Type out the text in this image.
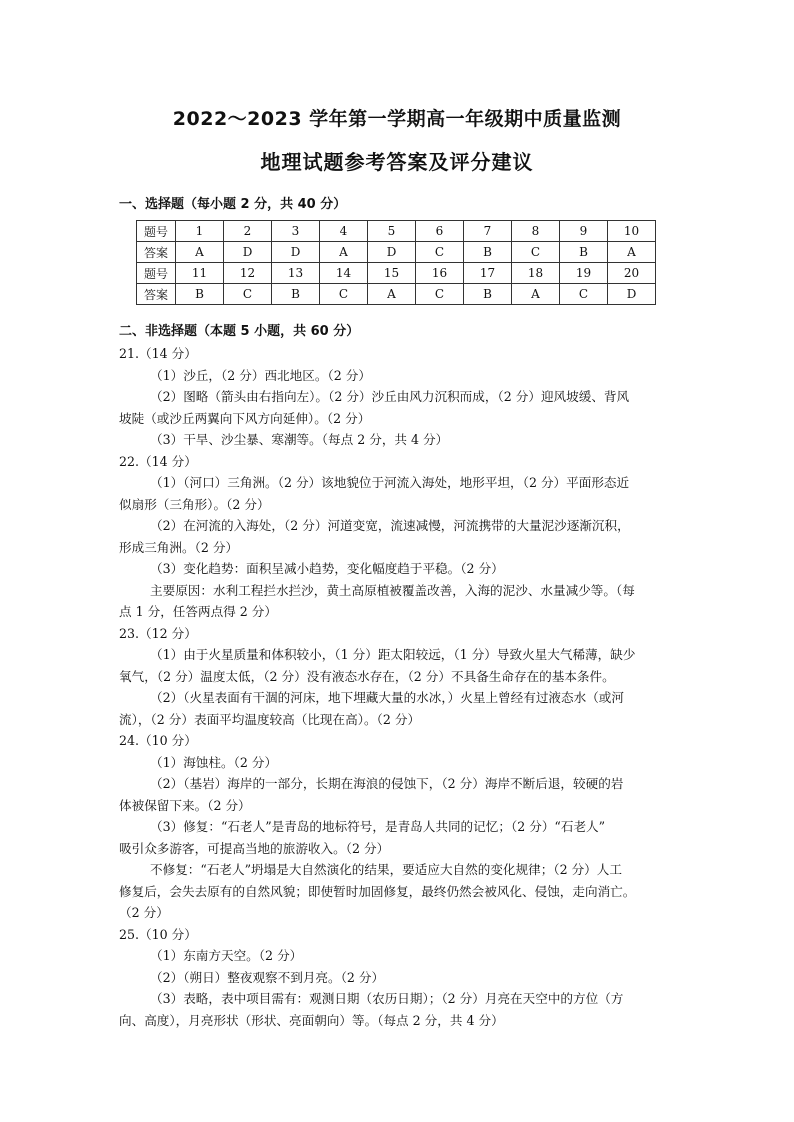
2022～2023 学年第一学期高一年级期中质量监测
地理试题参考答案及评分建议
一、选择题（每小题 2 分，共 40 分）
题号	1	2	3	4	5	6	7	8	9	10
答案	A	D	D	A	D	C	B	C	B	A
题号	11	12	13	14	15	16	17	18	19	20
答案	B	C	B	C	A	C	B	A	C	D
二、非选择题（本题 5 小题，共 60 分）

21.（14 分）

（1）沙丘，（2 分）西北地区。（2 分）

（2）图略（箭头由右指向左）。（2 分）沙丘由风力沉积而成，（2 分）迎风坡缓、背风

坡陡（或沙丘两翼向下风方向延伸）。（2 分）

（3）干旱、沙尘暴、寒潮等。（每点 2 分，共 4 分）

22.（14 分）

（1）（河口）三角洲。（2 分）该地貌位于河流入海处，地形平坦，（2 分）平面形态近

似扇形（三角形）。（2 分）

（2）在河流的入海处，（2 分）河道变宽，流速减慢，河流携带的大量泥沙逐渐沉积，

形成三角洲。（2 分）

（3）变化趋势：面积呈减小趋势，变化幅度趋于平稳。（2 分）

主要原因：水利工程拦水拦沙，黄土高原植被覆盖改善，入海的泥沙、水量减少等。（每

点 1 分，任答两点得 2 分）

23.（12 分）

（1）由于火星质量和体积较小，（1 分）距太阳较远，（1 分）导致火星大气稀薄，缺少

氧气，（2 分）温度太低，（2 分）没有液态水存在，（2 分）不具备生命存在的基本条件。

（2）（火星表面有干涸的河床，地下埋藏大量的水冰，）火星上曾经有过液态水（或河

流），（2 分）表面平均温度较高（比现在高）。（2 分）

24.（10 分）

（1）海蚀柱。（2 分）

（2）（基岩）海岸的一部分，长期在海浪的侵蚀下，（2 分）海岸不断后退，较硬的岩

体被保留下来。（2 分）

（3）修复：“石老人”是青岛的地标符号，是青岛人共同的记忆；（2 分）“石老人”

吸引众多游客，可提高当地的旅游收入。（2 分）

不修复：“石老人”坍塌是大自然演化的结果，要适应大自然的变化规律；（2 分）人工

修复后，会失去原有的自然风貌；即使暂时加固修复，最终仍然会被风化、侵蚀，走向消亡。

（2 分）

25.（10 分）

（1）东南方天空。（2 分）

（2）（朔日）整夜观察不到月亮。（2 分）

（3）表略，表中项目需有：观测日期（农历日期）；（2 分）月亮在天空中的方位（方

向、高度），月亮形状（形状、亮面朝向）等。（每点 2 分，共 4 分）
